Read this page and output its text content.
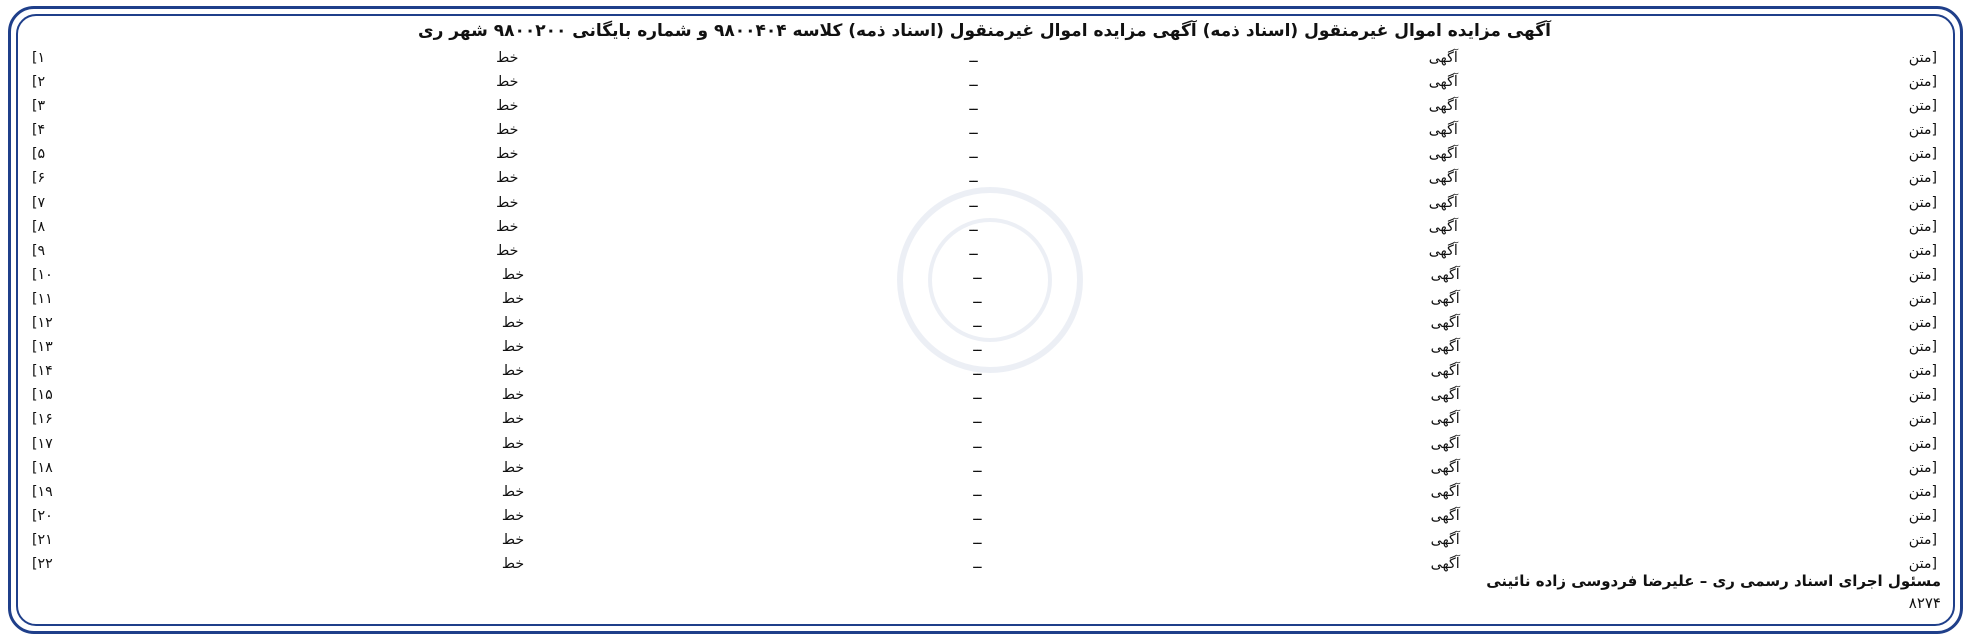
آگهی مزایده اموال غیرمنقول (اسناد ذمه) آگهی مزایده اموال غیرمنقول (اسناد ذمه) کلاسه ۹۸۰۰۴۰۴ و شماره بایگانی ۹۸۰۰۲۰۰ شهر ری
[متن آگهی ــ خط ۱]
[متن آگهی ــ خط ۲]
[متن آگهی ــ خط ۳]
[متن آگهی ــ خط ۴]
[متن آگهی ــ خط ۵]
[متن آگهی ــ خط ۶]
[متن آگهی ــ خط ۷]
[متن آگهی ــ خط ۸]
[متن آگهی ــ خط ۹]
[متن آگهی ــ خط ۱۰]
[متن آگهی ــ خط ۱۱]
[متن آگهی ــ خط ۱۲]
[متن آگهی ــ خط ۱۳]
[متن آگهی ــ خط ۱۴]
[متن آگهی ــ خط ۱۵]
[متن آگهی ــ خط ۱۶]
[متن آگهی ــ خط ۱۷]
[متن آگهی ــ خط ۱۸]
[متن آگهی ــ خط ۱۹]
[متن آگهی ــ خط ۲۰]
[متن آگهی ــ خط ۲۱]
[متن آگهی ــ خط ۲۲]
مسئول اجرای اسناد رسمی ری – علیرضا فردوسی زاده نائینی
۸۲۷۴
